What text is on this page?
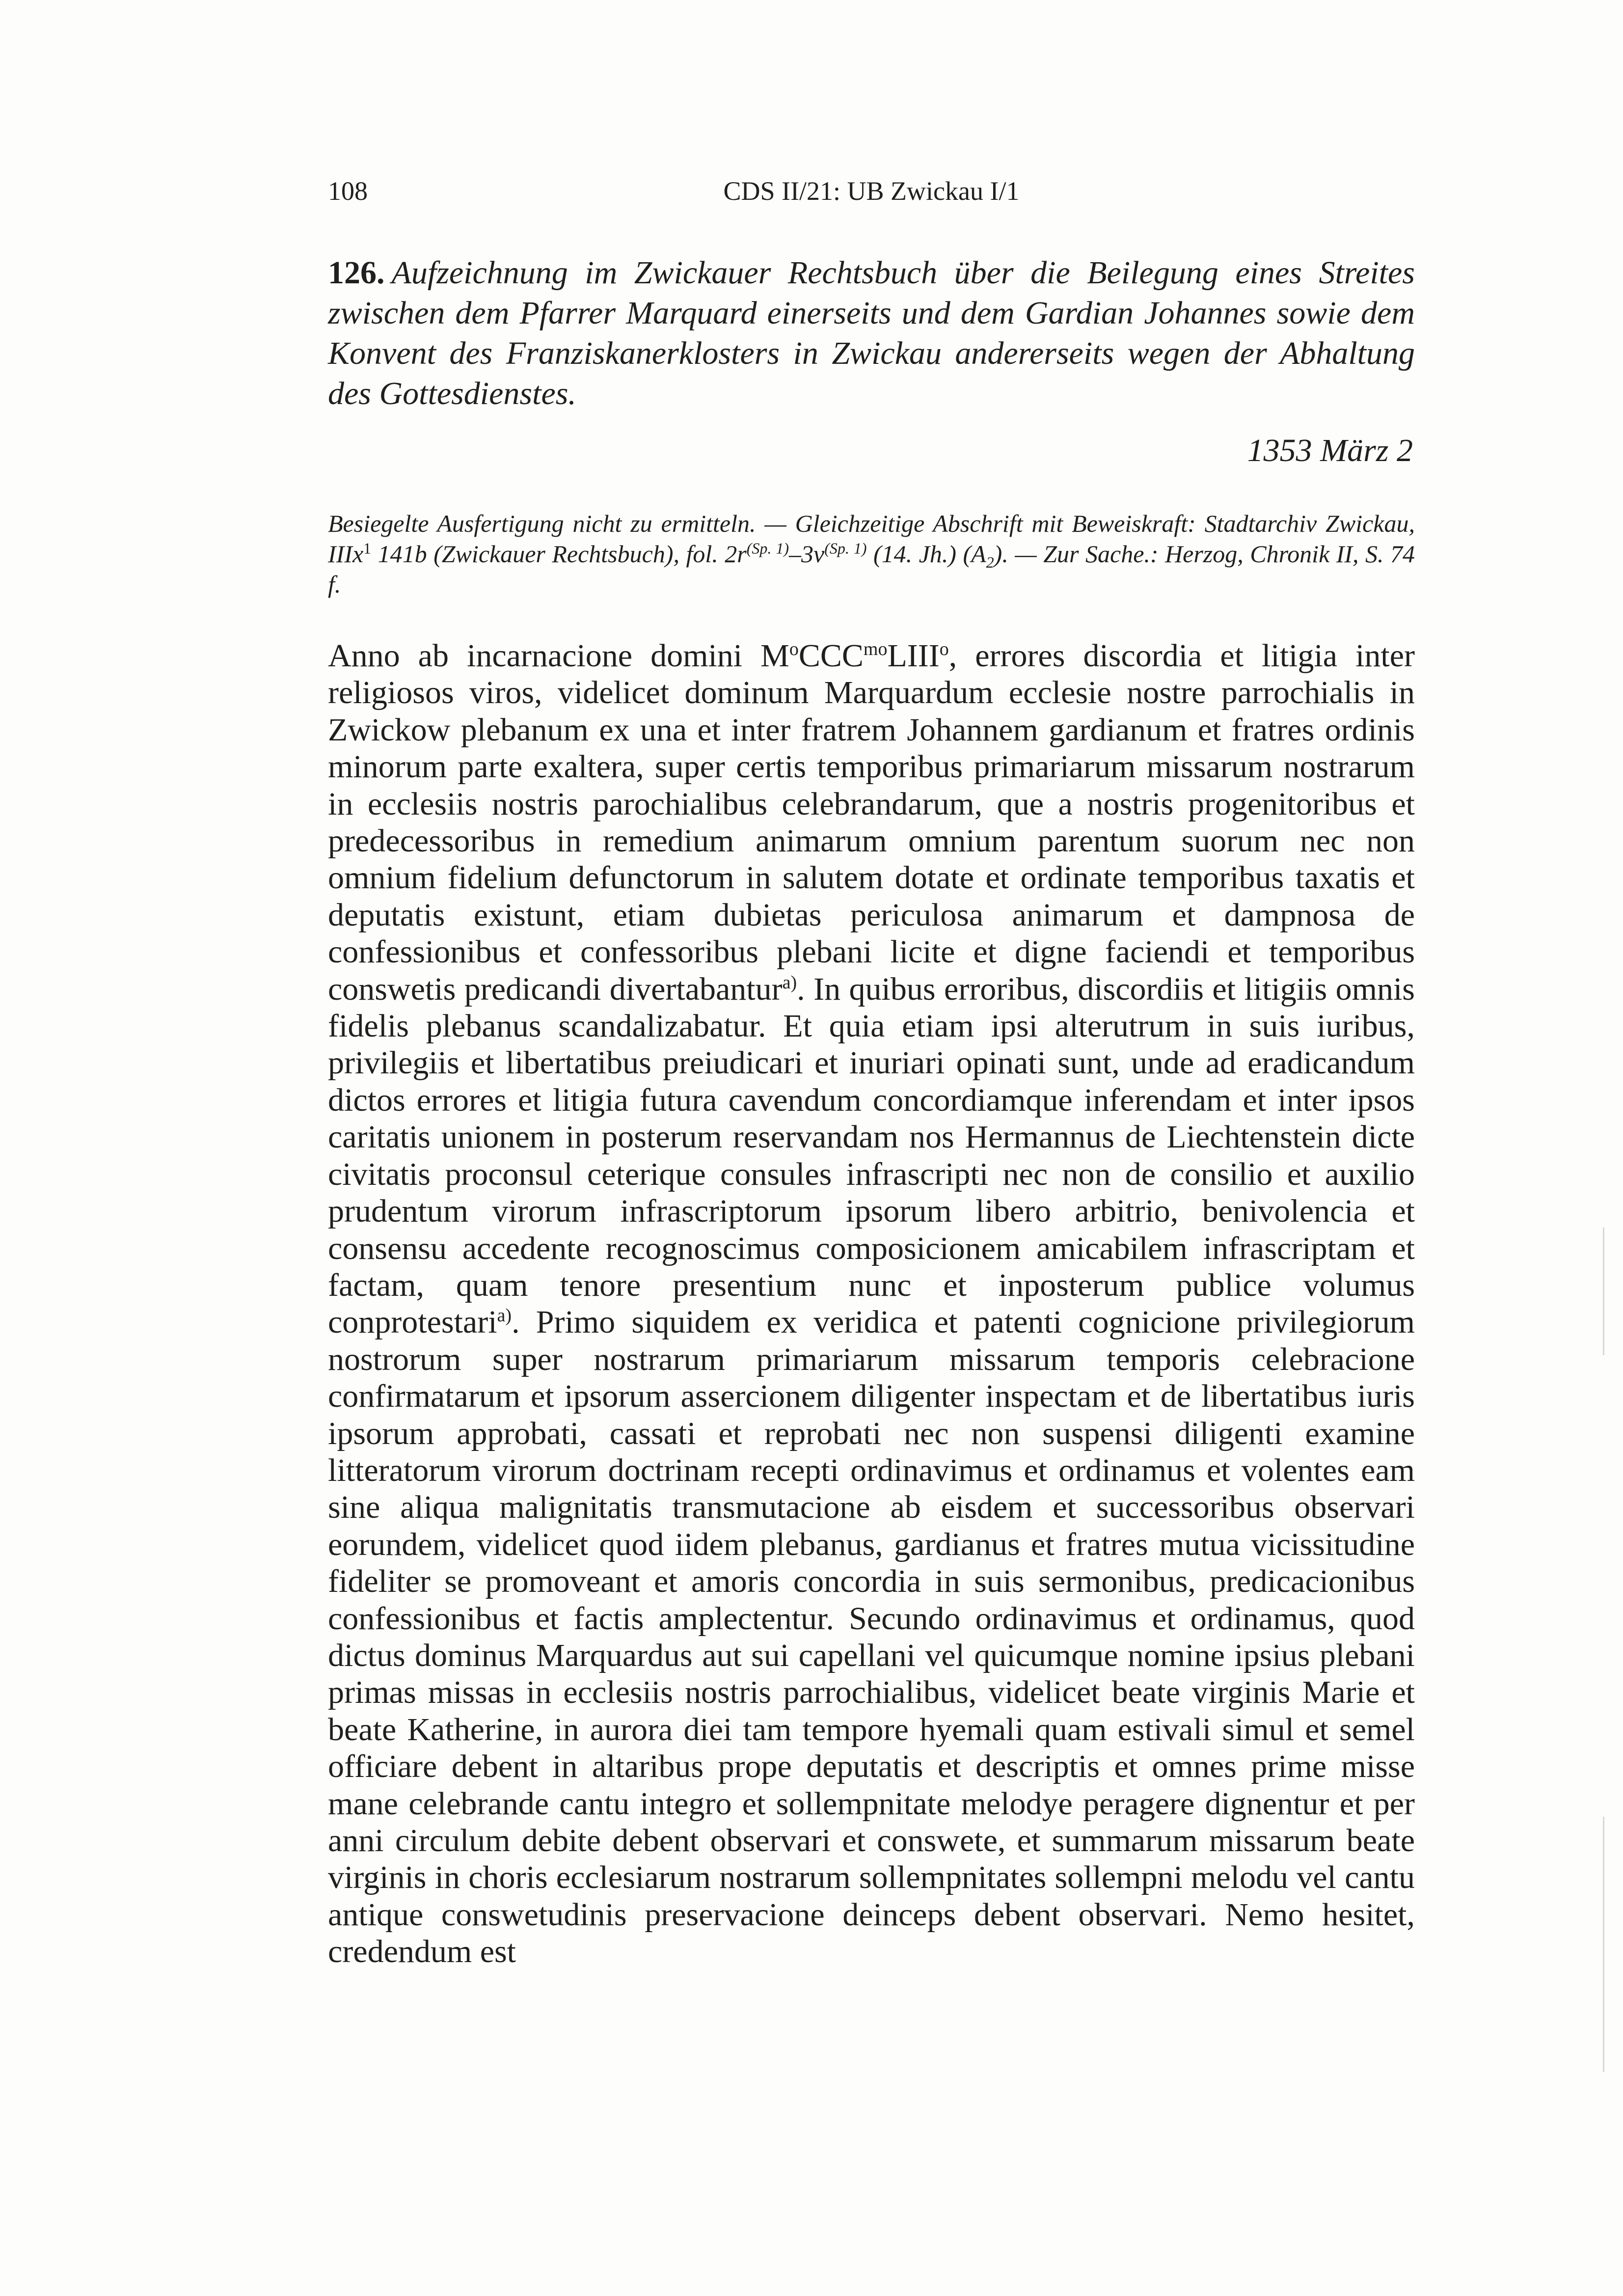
108	CDS II/21: UB Zwickau I/1
126. Aufzeichnung im Zwickauer Rechtsbuch über die Beilegung eines Streites zwischen dem Pfarrer Marquard einerseits und dem Gardian Johannes sowie dem Konvent des Franziskanerklosters in Zwickau andererseits wegen der Abhaltung des Gottesdienstes.
1353 März 2
Besiegelte Ausfertigung nicht zu ermitteln. — Gleichzeitige Abschrift mit Beweiskraft: Stadtarchiv Zwickau, IIIx$^1$ 141b (Zwickauer Rechtsbuch), fol. $2r^{(Sp. 1)}-3v^{(Sp. 1)}$ (14. Jh.) $(A_2)$. — Zur Sache.: Herzog, Chronik II, S. 74 f.
Anno ab incarnacione domini $M^oCCC^{mo}LIII^o$, errores discordia et litigia inter religiosos viros, videlicet dominum Marquardum ecclesie nostre parrochialis in Zwickow plebanum ex una et inter fratrem Johannem gardianum et fratres ordinis minorum parte exaltera, super certis temporibus primariarum missarum nostrarum in ecclesiis nostris parochialibus celebrandarum, que a nostris progenitoribus et predecessoribus in remedium animarum omnium parentum suorum nec non omnium fidelium defunctorum in salutem dotate et ordinate temporibus taxatis et deputatis existunt, etiam dubietas periculosa animarum et dampnosa de confessionibus et confessoribus plebani licite et digne faciendi et temporibus conswetis predicandi divertabantur$^{a)}$. In quibus erroribus, discordiis et litigiis omnis fidelis plebanus scandalizabatur. Et quia etiam ipsi alterutrum in suis iuribus, privilegiis et libertatibus preiudicari et inuriari opinati sunt, unde ad eradicandum dictos errores et litigia futura cavendum concordiamque inferendam et inter ipsos caritatis unionem in posterum reservandam nos Hermannus de Liechtenstein dicte civitatis proconsul ceterique consules infrascripti nec non de consilio et auxilio prudentum virorum infrascriptorum ipsorum libero arbitrio, benivolencia et consensu accedente recognoscimus composicionem amicabilem infrascriptam et factam, quam tenore presentium nunc et inposterum publice volumus conprotestari$^{a)}$. Primo siquidem ex veridica et patenti cognicione privilegiorum nostrorum super nostrarum primariarum missarum temporis celebracione confirmatarum et ipsorum assercionem diligenter inspectam et de libertatibus iuris ipsorum approbati, cassati et reprobati nec non suspensi diligenti examine litteratorum virorum doctrinam recepti ordinavimus et ordinamus et volentes eam sine aliqua malignitatis transmutacione ab eisdem et successoribus observari eorundem, videlicet quod iidem plebanus, gardianus et fratres mutua vicissitudine fideliter se promoveant et amoris concordia in suis sermonibus, predicacionibus confessionibus et factis amplectentur. Secundo ordinavimus et ordinamus, quod dictus dominus Marquardus aut sui capellani vel quicumque nomine ipsius plebani primas missas in ecclesiis nostris parrochialibus, videlicet beate virginis Marie et beate Katherine, in aurora diei tam tempore hyemali quam estivali simul et semel officiare debent in altaribus prope deputatis et descriptis et omnes prime misse mane celebrande cantu integro et sollempnitate melodye peragere dignentur et per anni circulum debite debent observari et conswete, et summarum missarum beate virginis in choris ecclesiarum nostrarum sollempnitates sollempni melodu vel cantu antique conswetudinis preservacione deinceps debent observari. Nemo hesitet, credendum est
